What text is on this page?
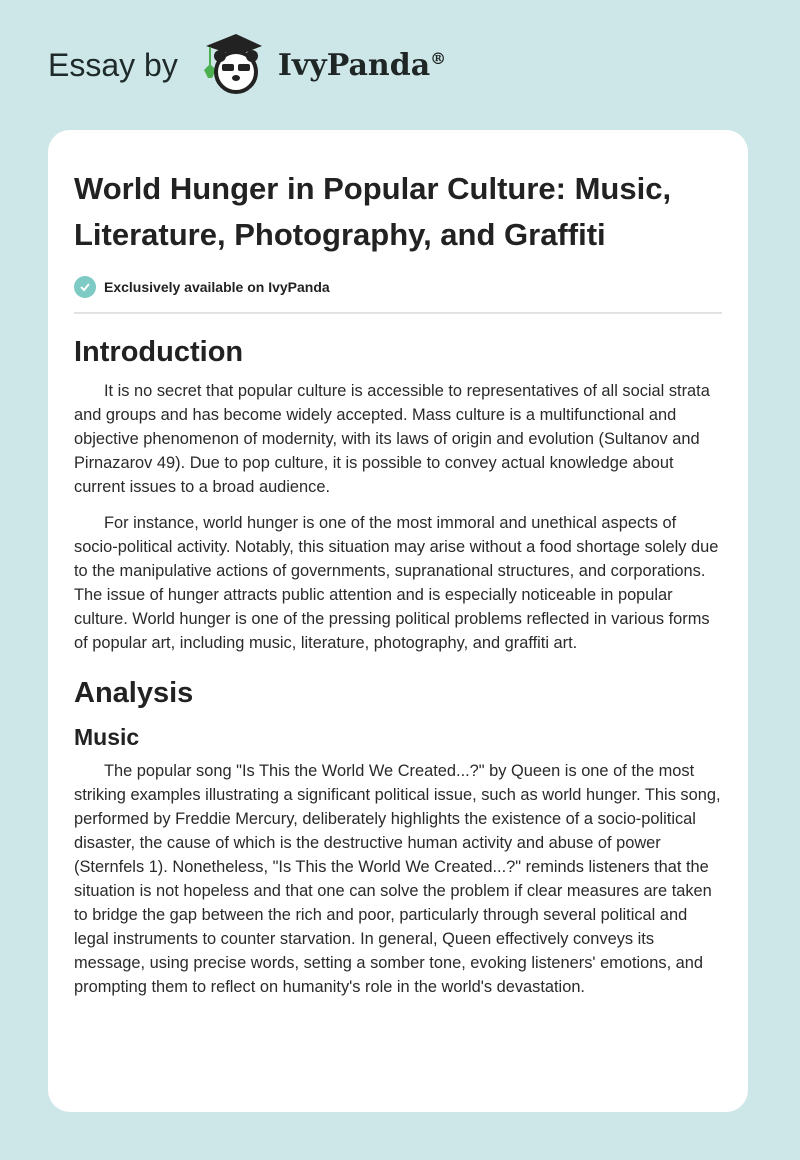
Essay by	IvyPanda®
World Hunger in Popular Culture: Music, Literature, Photography, and Graffiti
Exclusively available on IvyPanda
Introduction

It is no secret that popular culture is accessible to representatives of all social strata and groups and has become widely accepted. Mass culture is a multifunctional and objective phenomenon of modernity, with its laws of origin and evolution (Sultanov and Pirnazarov 49). Due to pop culture, it is possible to convey actual knowledge about current issues to a broad audience.

For instance, world hunger is one of the most immoral and unethical aspects of socio-political activity. Notably, this situation may arise without a food shortage solely due to the manipulative actions of governments, supranational structures, and corporations. The issue of hunger attracts public attention and is especially noticeable in popular culture. World hunger is one of the pressing political problems reflected in various forms of popular art, including music, literature, photography, and graffiti art.

Analysis
Music

The popular song "Is This the World We Created...?" by Queen is one of the most striking examples illustrating a significant political issue, such as world hunger. This song, performed by Freddie Mercury, deliberately highlights the existence of a socio-political disaster, the cause of which is the destructive human activity and abuse of power (Sternfels 1). Nonetheless, "Is This the World We Created...?" reminds listeners that the situation is not hopeless and that one can solve the problem if clear measures are taken to bridge the gap between the rich and poor, particularly through several political and legal instruments to counter starvation. In general, Queen effectively conveys its message, using precise words, setting a somber tone, evoking listeners' emotions, and prompting them to reflect on humanity's role in the world's devastation.
